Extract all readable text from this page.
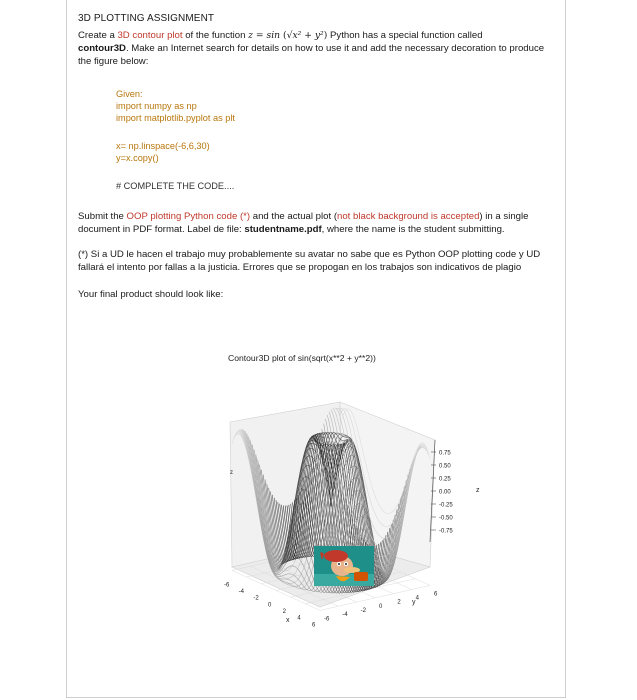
3D PLOTTING ASSIGNMENT
Create a 3D contour plot of the function z = sin (√x² + y²) Python has a special function called
contour3D. Make an Internet search for details on how to use it and add the necessary decoration to produce the figure below:
Given:
import numpy as np
import matplotlib.pyplot as plt
x= np.linspace(-6,6,30)
y=x.copy()
# COMPLETE THE CODE....
Submit the OOP plotting Python code (*) and the actual plot (not black background is accepted) in a single document in PDF format. Label de file: studentname.pdf, where the name is the student submitting.
(*) Si a UD le hacen el trabajo muy probablemente su avatar no sabe que es Python OOP plotting code y UD fallará el intento por fallas a la justicia. Errores que se propogan en los trabajos son indicativos de plagio
Your final product should look like:
Contour3D plot of sin(sqrt(x**2 + y**2))
0.75
0.50
0.25
0.00
-0.25
-0.50
-0.75
z
z
-6
-4
-2
0
2
4
6
-6
-4
-2
0
2
4
6
x
y
